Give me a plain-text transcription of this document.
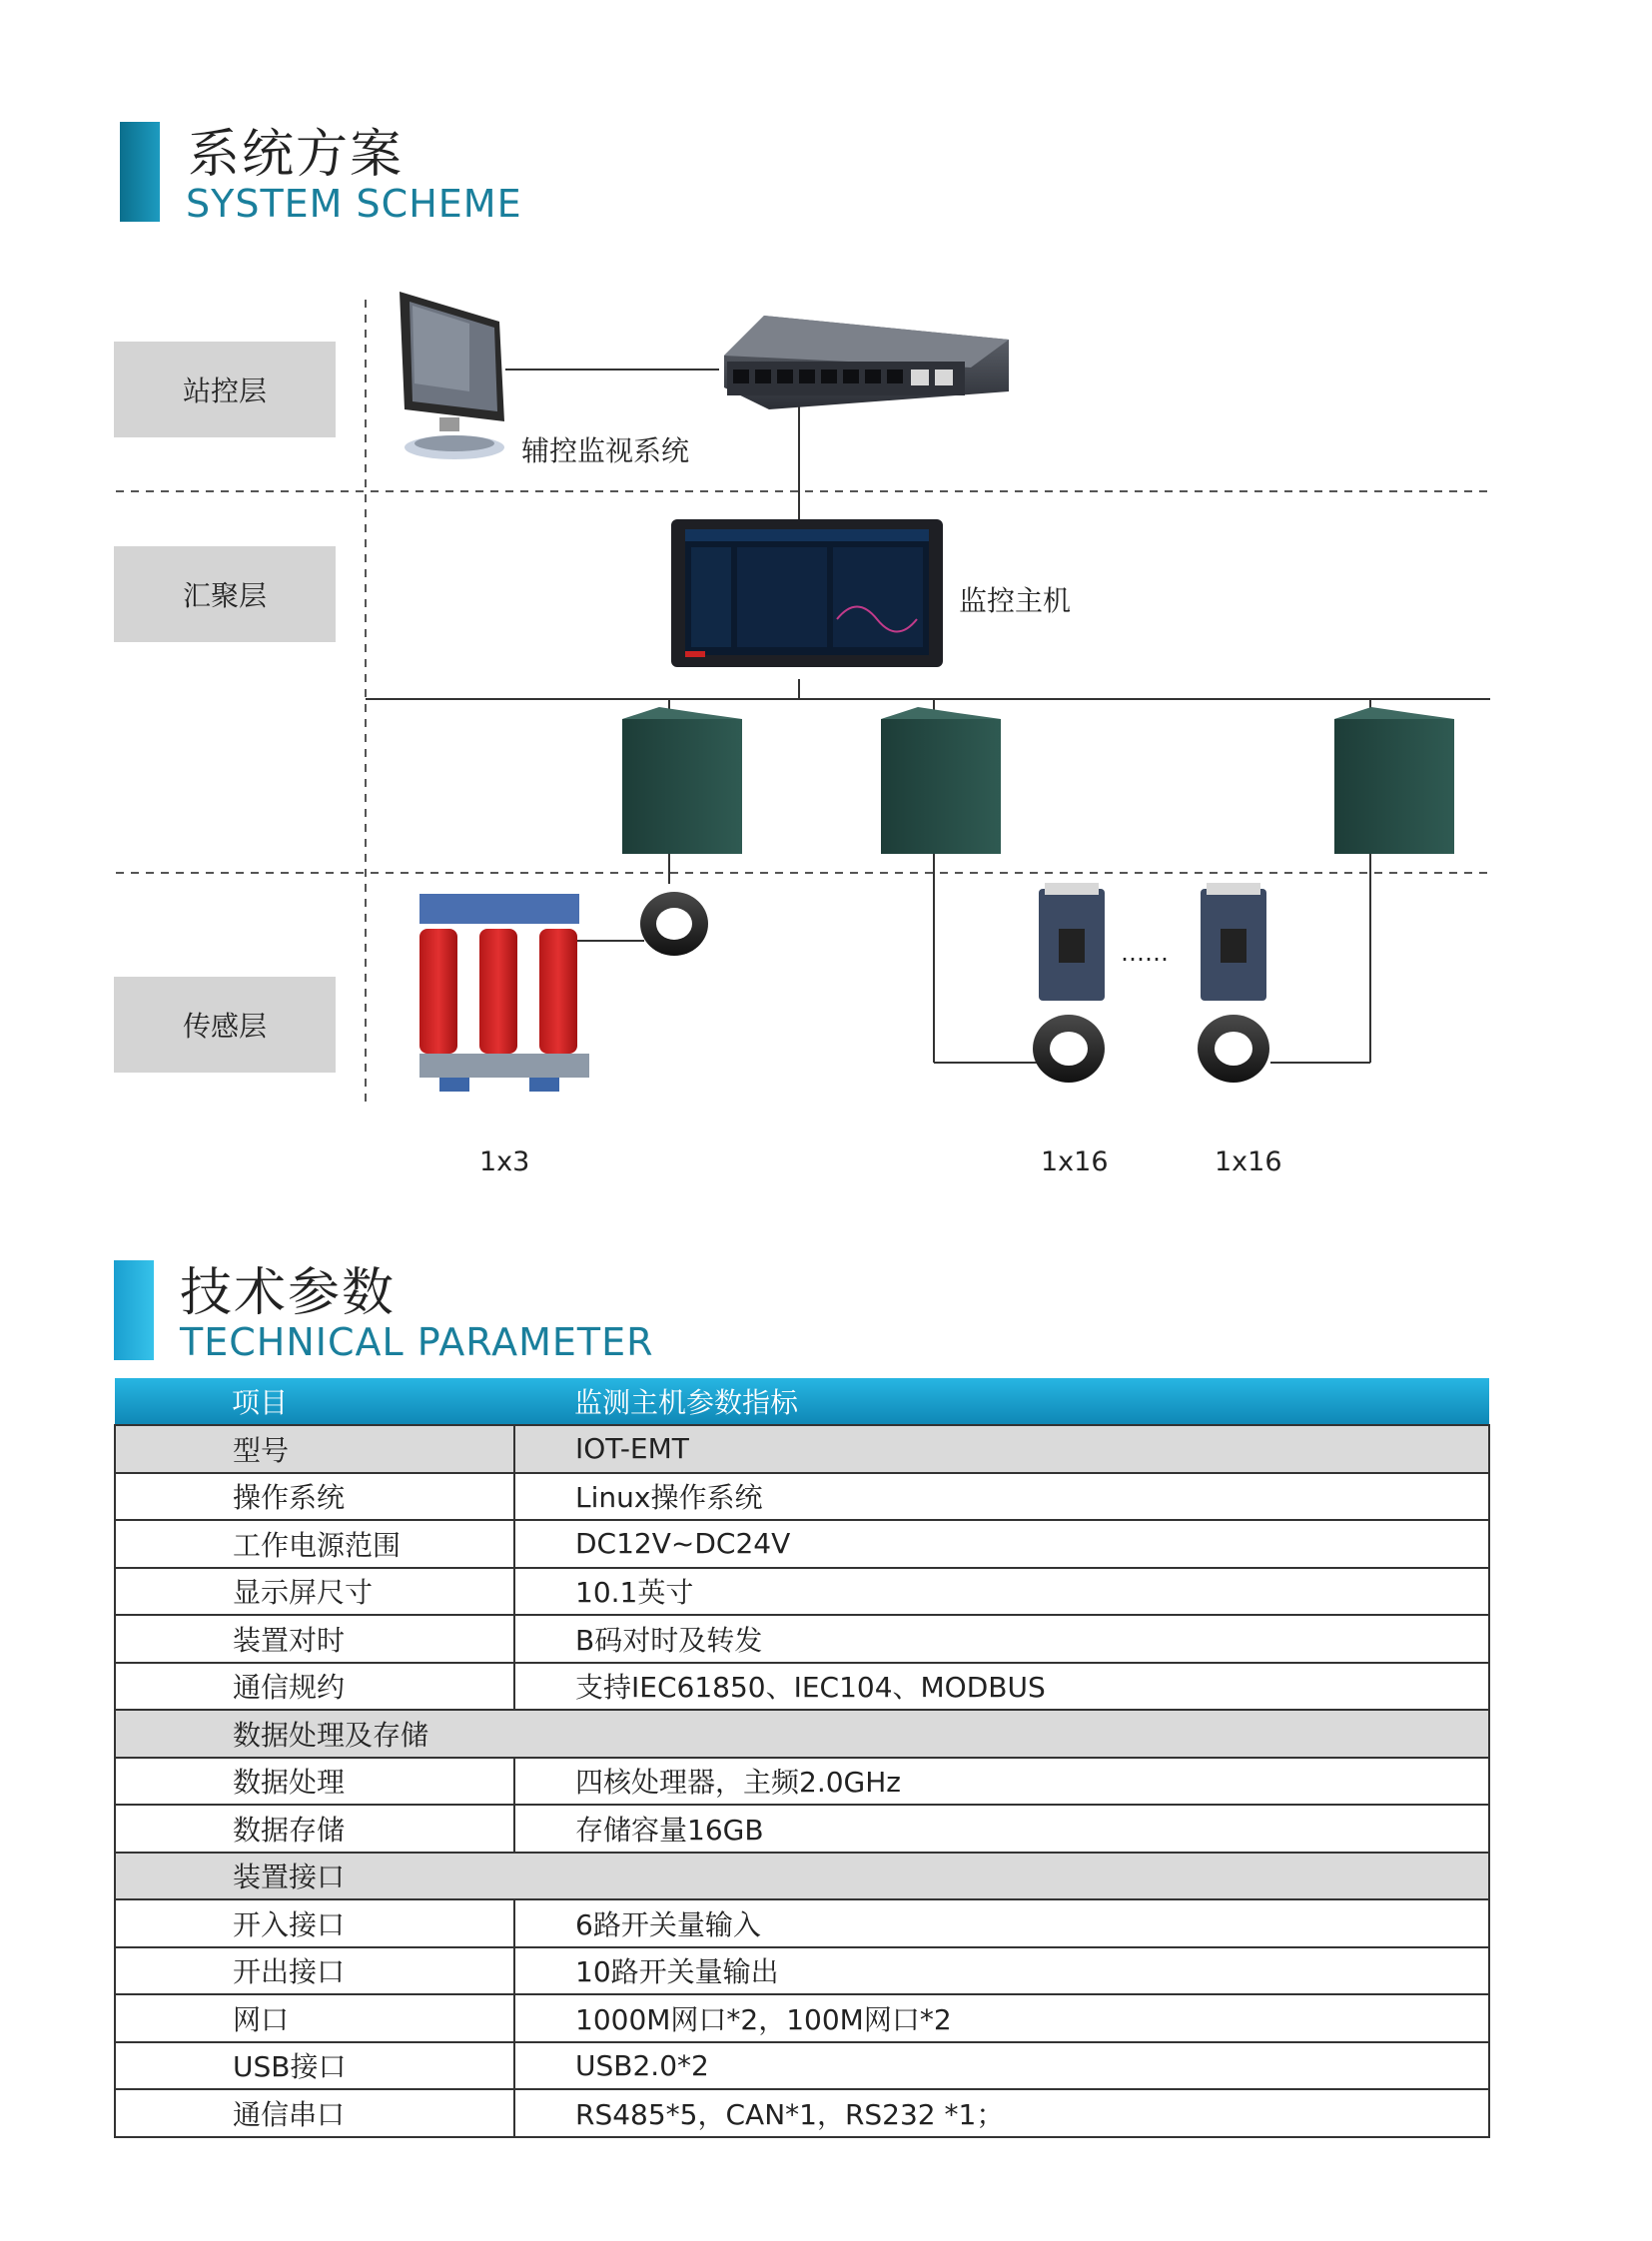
系统方案
SYSTEM SCHEME
站控层
汇聚层
传感层
辅控监视系统
监控主机
……
1x3	1x16	1x16
技术参数
TECHNICAL PARAMETER
项目	监测主机参数指标
型号	IOT-EMT
操作系统	Linux操作系统
工作电源范围	DC12V~DC24V
显示屏尺寸	10.1英寸
装置对时	B码对时及转发
通信规约	支持IEC61850、IEC104、MODBUS
数据处理及存储	
数据处理	四核处理器，主频2.0GHz
数据存储	存储容量16GB
装置接口	
开入接口	6路开关量输入
开出接口	10路开关量输出
网口	1000M网口*2，100M网口*2
USB接口	USB2.0*2
通信串口	RS485*5，CAN*1，RS232 *1；
